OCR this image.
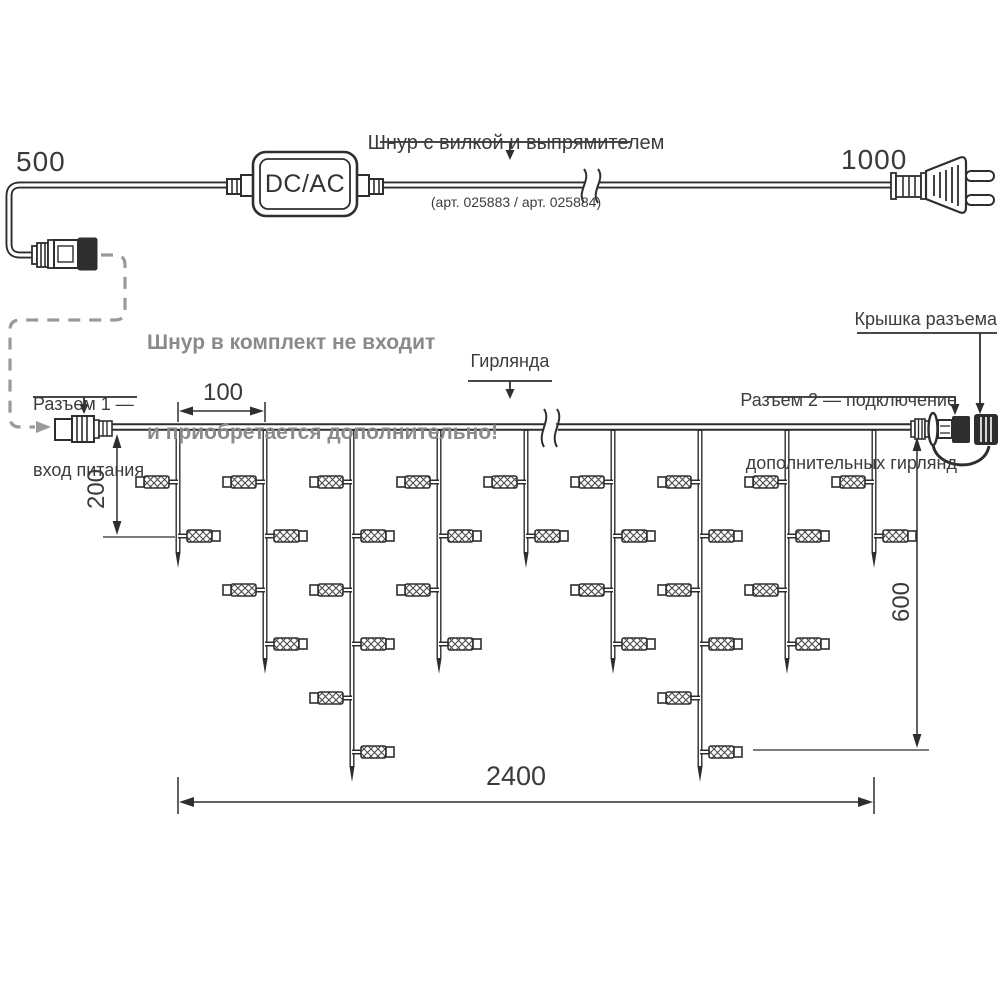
500	1000

Шнур с вилкой и выпрямителем

(арт. 025883 / арт. 025884)

DC/AC

Шнур в комплект не входит

и приобретается дополнительно!

Разъем 1 —

вход питания

Гирлянда
Крышка разъема

Разъем 2 — подключение

дополнительных гирлянд

100
200
600
2400
